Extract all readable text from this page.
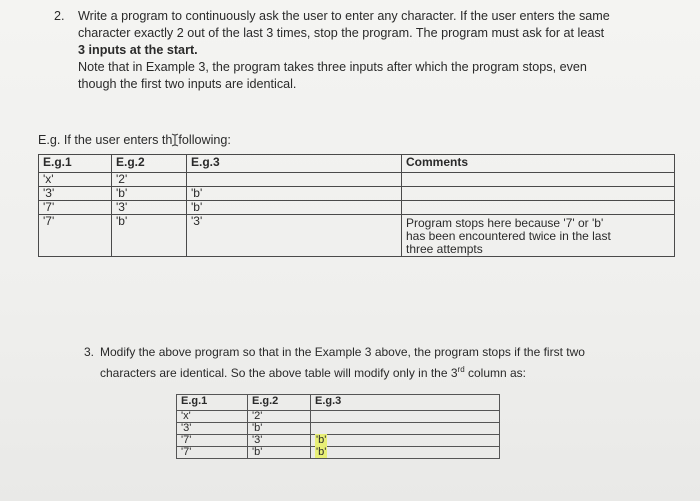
2. Write a program to continuously ask the user to enter any character. If the user enters the same
character exactly 2 out of the last 3 times, stop the program. The program must ask for at least
3 inputs at the start.
Note that in Example 3, the program takes three inputs after which the program stops, even
though the first two inputs are identical.
E.g. If the user enters th following:
E.g.1	E.g.2	E.g.3	Comments
'x'	'2'		
'3'	'b'	'b'	
'7'	'3'	'b'	
'7'	'b'	'3'	Program stops here because '7' or 'b'
has been encountered twice in the last
three attempts
3. Modify the above program so that in the Example 3 above, the program stops if the first two
characters are identical. So the above table will modify only in the 3rd column as:
E.g.1	E.g.2	E.g.3
'x'	'2'	
'3'	'b'	
'7'	'3'	'b'
'7'	'b'	'b'
